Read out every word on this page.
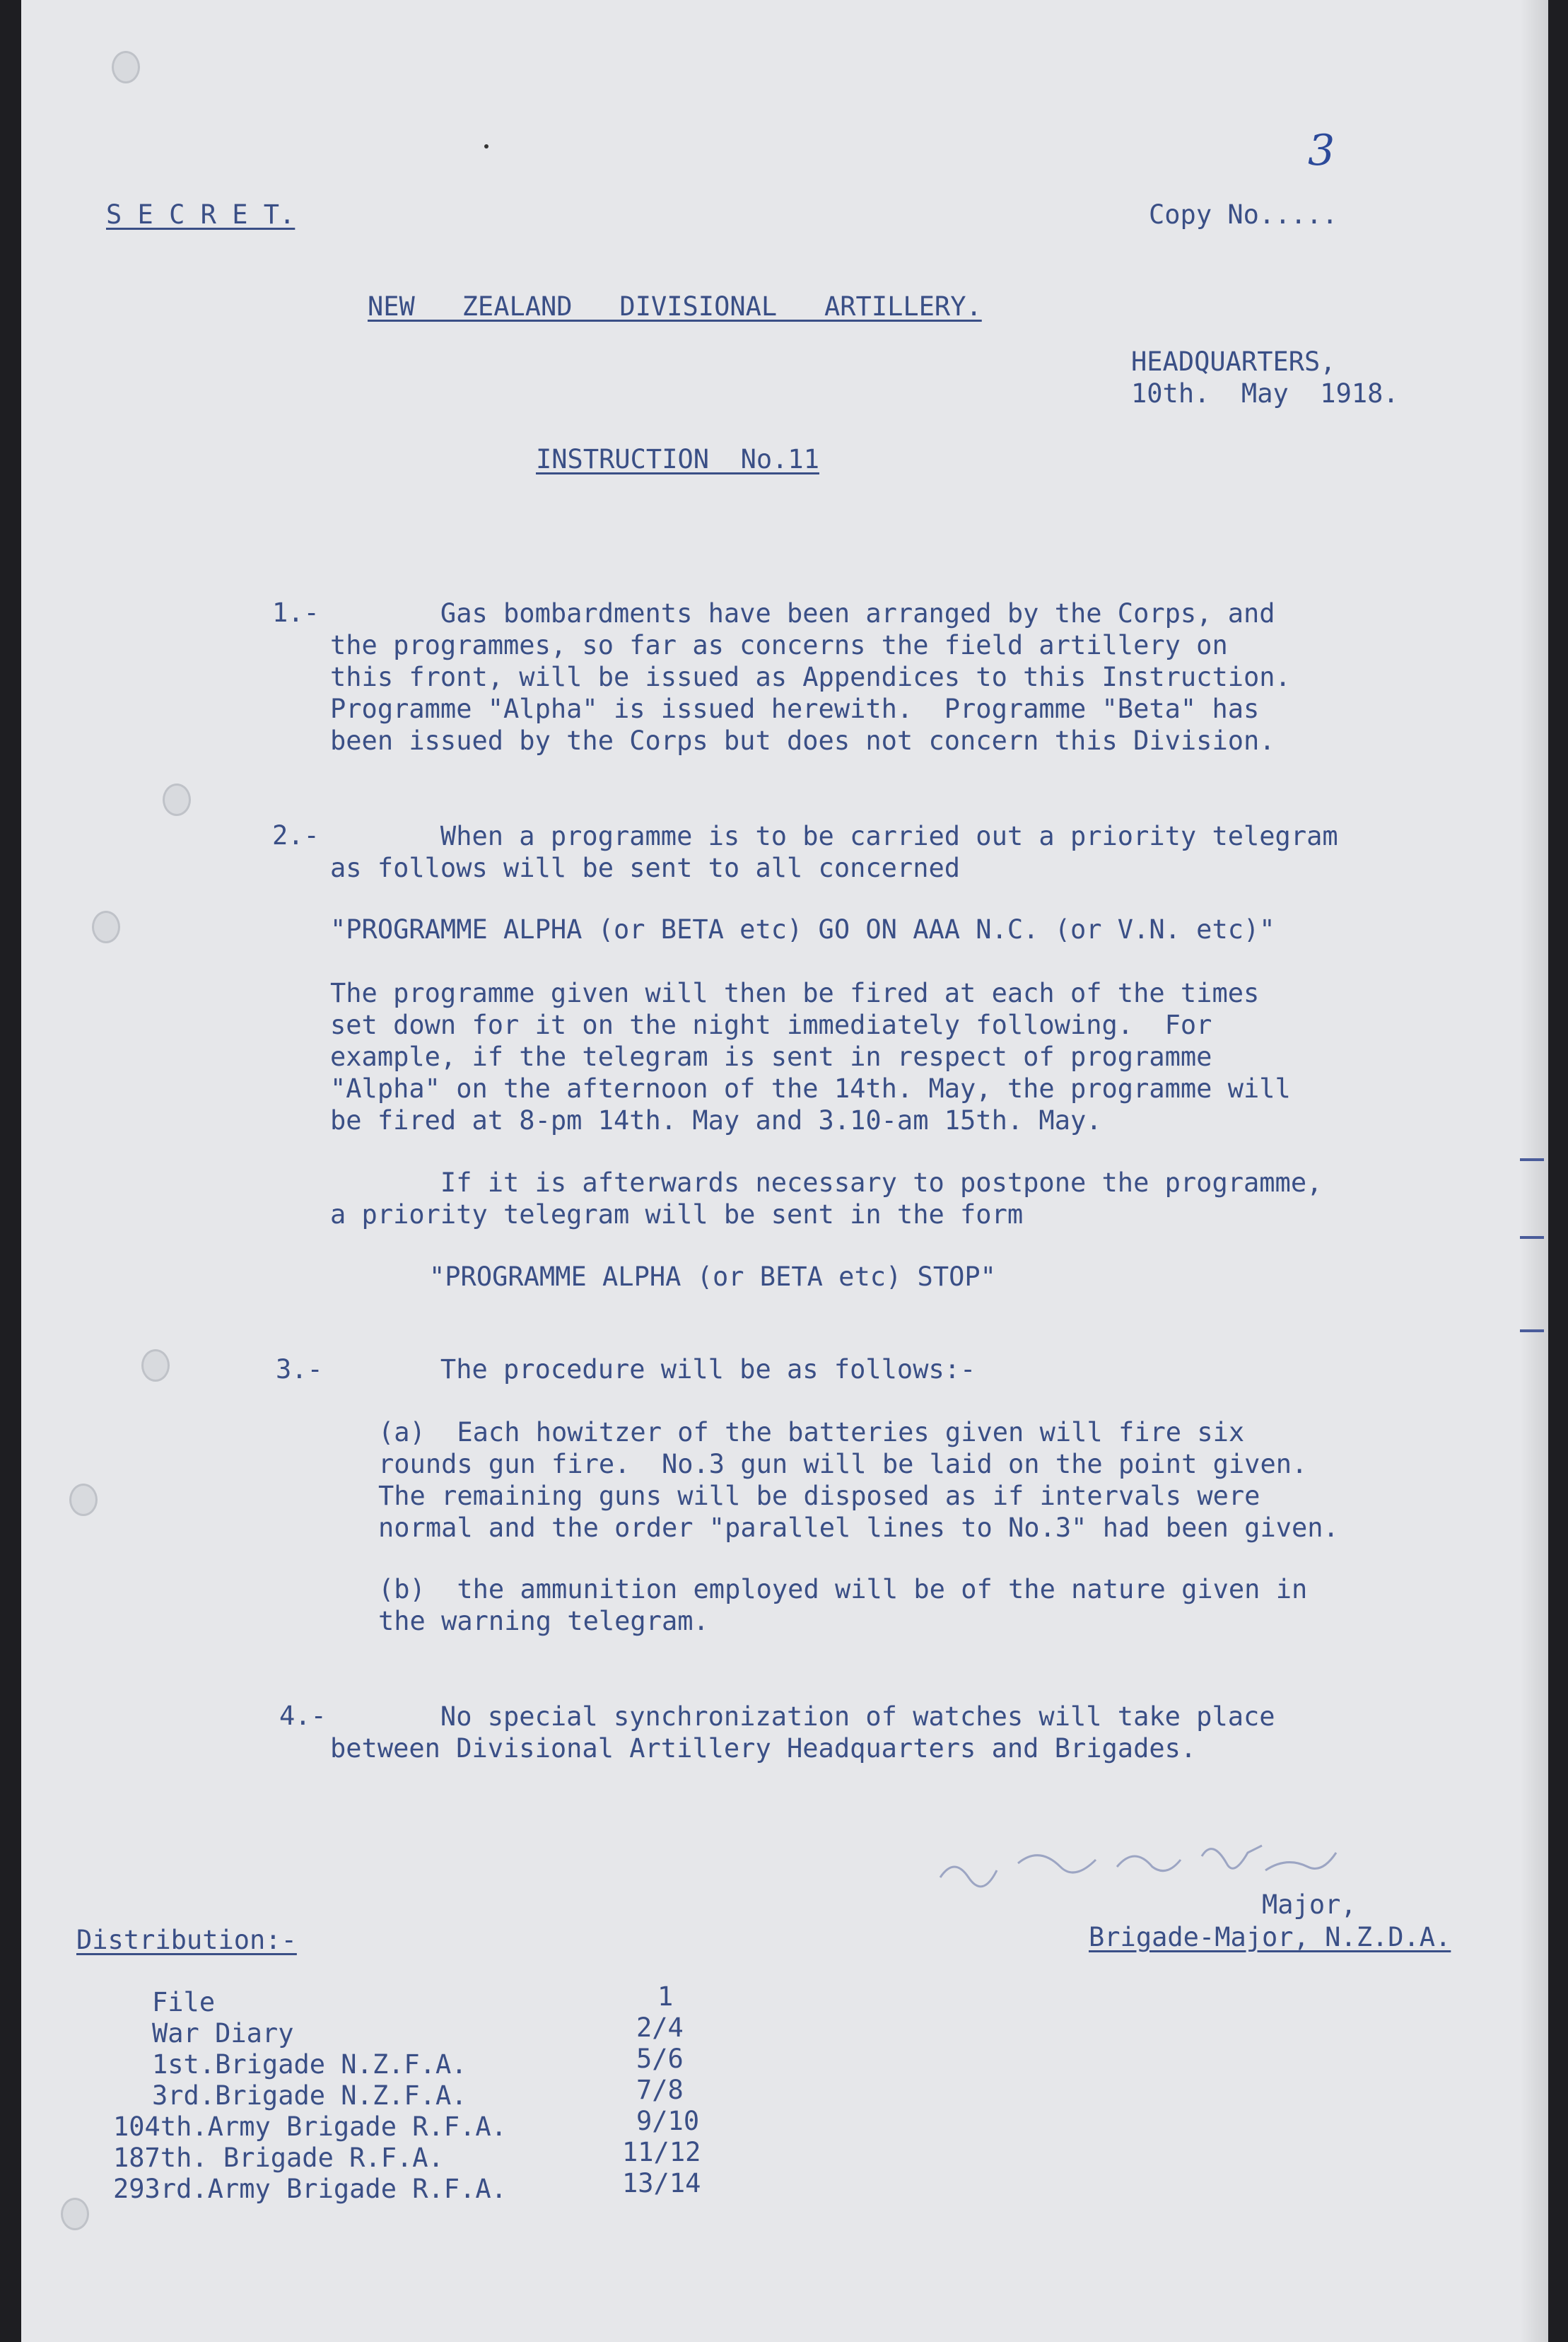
S E C R E T.	Copy No.....
3
NEW   ZEALAND   DIVISIONAL   ARTILLERY.
HEADQUARTERS,
10th.  May  1918.
INSTRUCTION  No.11
1.- Gas bombardments have been arranged by the Corps, and
the programmes, so far as concerns the field artillery on
this front, will be issued as Appendices to this Instruction.
Programme "Alpha" is issued herewith.  Programme "Beta" has
been issued by the Corps but does not concern this Division.
2.- When a programme is to be carried out a priority telegram
as follows will be sent to all concerned
"PROGRAMME ALPHA (or BETA etc) GO ON AAA N.C. (or V.N. etc)"
The programme given will then be fired at each of the times
set down for it on the night immediately following.  For
example, if the telegram is sent in respect of programme
"Alpha" on the afternoon of the 14th. May, the programme will
be fired at 8-pm 14th. May and 3.10-am 15th. May.
If it is afterwards necessary to postpone the programme,
a priority telegram will be sent in the form
"PROGRAMME ALPHA (or BETA etc) STOP"
3.- The procedure will be as follows:-
(a)  Each howitzer of the batteries given will fire six
rounds gun fire.  No.3 gun will be laid on the point given.
The remaining guns will be disposed as if intervals were
normal and the order "parallel lines to No.3" had been given.
(b)  the ammunition employed will be of the nature given in
the warning telegram.
4.- No special synchronization of watches will take place
between Divisional Artillery Headquarters and Brigades.
Major,
Brigade-Major, N.Z.D.A.
Distribution:-
File	1
War Diary	2/4
1st.Brigade N.Z.F.A.	5/6
3rd.Brigade N.Z.F.A.	7/8
104th.Army Brigade R.F.A.	9/10
187th. Brigade R.F.A.	11/12
293rd.Army Brigade R.F.A.	13/14
